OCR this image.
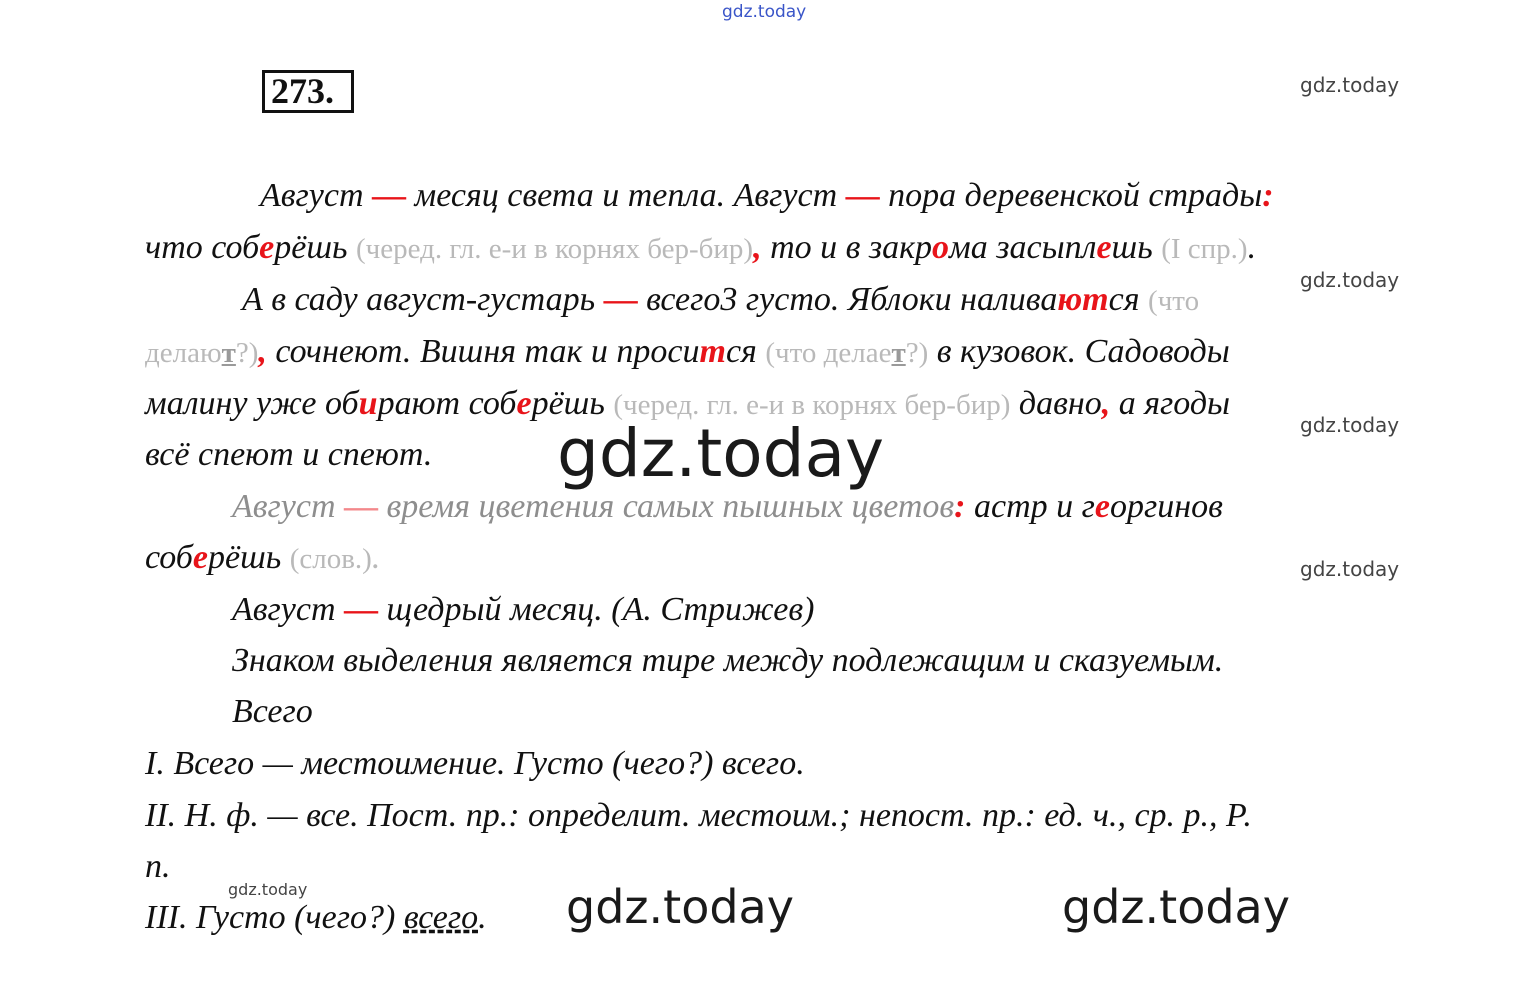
gdz.today
273.	gdz.today
gdz.today
gdz.today
gdz.today
gdz.today
Август — месяц света и тепла. Август — пора деревенской страды:
что соберёшь (черед. гл. е-и в корнях бер-бир), то и в закрома засыплешь (I спр.).
А в саду август-густарь — всего3 густо. Яблоки наливаются (что
делают?), сочнеют. Вишня так и просится (что делает?) в кузовок. Садоводы
малину уже обирают соберёшь (черед. гл. е-и в корнях бер-бир) давно, а ягоды
всё спеют и спеют. gdz.today
Август — время цветения самых пышных цветов: астр и георгинов
соберёшь (слов.).
Август — щедрый месяц. (А. Стрижев)
Знаком выделения является тире между подлежащим и сказуемым.
Всего
I. Всего — местоимение. Густо (чего?) всего.
II. Н. ф. — все. Пост. пр.: определит. местоим.; непост. пр.: ед. ч., ср. р., Р.
п.
III. Густо (чего?) всего. gdz.today	gdz.today
